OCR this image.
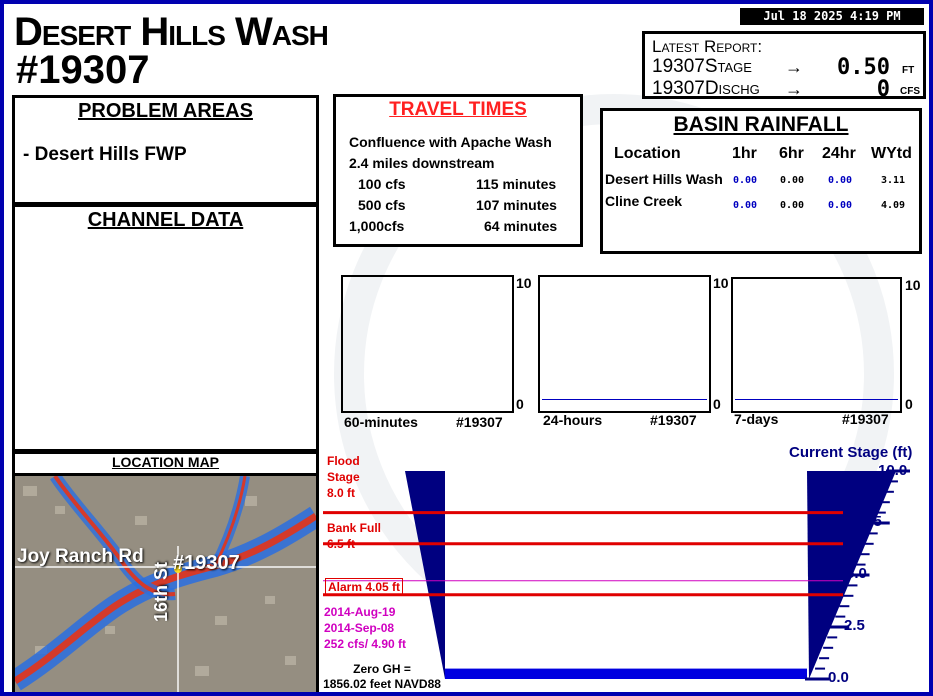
Desert Hills Wash
#19307
Jul 18 2025 4:19 PM
Latest Report:
19307Stage →	0.50 FT
19307Dischg →	0 CFS
PROBLEM AREAS
- Desert Hills FWP
CHANNEL DATA
LOCATION MAP
Joy Ranch Rd #19307
16th St
TRAVEL TIMES
Confluence with Apache Wash
2.4 miles downstream
100 cfs	115 minutes
500 cfs	107 minutes
1,000cfs	64 minutes
BASIN RAINFALL
Location	1hr 6hr 24hr WYtd
Desert Hills Wash 0.00 0.00 0.00	3.11
Cline Creek	0.00 0.00 0.00	4.09
10
0
60-minutes	#19307
10
0
24-hours	#19307
10
0
7-days	#19307
Current Stage (ft)
Flood
Stage
8.0 ft
Bank Full
6.5 ft
Alarm 4.05 ft
2014-Aug-19
2014-Sep-08
252 cfs/ 4.90 ft
Zero GH =
1856.02 feet NAVD88
10.0
7.5
5.0
2.5
0.0
